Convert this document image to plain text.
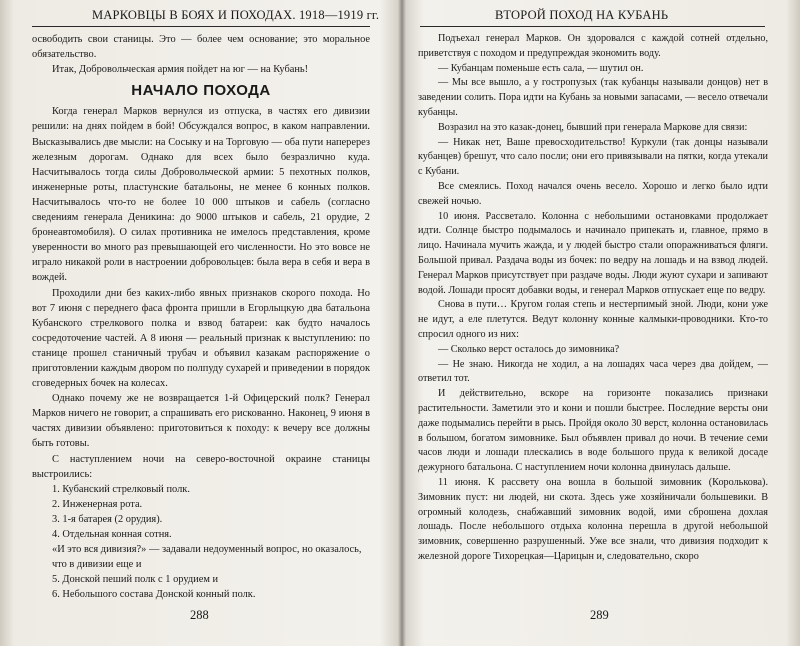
МАРКОВЦЫ В БОЯХ И ПОХОДАХ. 1918—1919 гг.

освободить свои станицы. Это — более чем основание; это моральное обязательство.

Итак, Добровольческая армия пойдет на юг — на Кубань!

НАЧАЛО ПОХОДА

Когда генерал Марков вернулся из отпуска, в частях его дивизии решили: на днях пойдем в бой! Обсуждался вопрос, в каком направлении. Высказывались две мысли: на Сосыку и на Торговую — оба пути наперерез железным дорогам. Однако для всех было безразлично куда. Насчитывалось тогда силы Добровольческой армии: 5 пехотных полков, инженерные роты, пластунские батальоны, не менее 6 конных полков. Насчитывалось что-то не более 10 000 штыков и сабель (согласно сведениям генерала Деникина: до 9000 штыков и сабель, 21 орудие, 2 бронеавтомобиля). О силах противника не имелось представления, кроме уверенности во много раз превышающей его численности. Но это вовсе не играло никакой роли в настроении добровольцев: была вера в себя и вера в вождей.

Проходили дни без каких-либо явных признаков скорого похода. Но вот 7 июня с переднего фаса фронта пришли в Егорлыцкую два батальона Кубанского стрелкового полка и взвод батареи: как будто началось сосредоточение частей. А 8 июня — реальный признак к выступлению: по станице прошел станичный трубач и объявил казакам распоряжение о приготовлении каждым двором по полпуду сухарей и приведении в порядок сговедерных бочек на колесах.

Однако почему же не возвращается 1-й Офицерский полк? Генерал Марков ничего не говорит, а спрашивать его рискованно. Наконец, 9 июня в частях дивизии объявлено: приготовиться к походу: к вечеру все должны быть готовы.

С наступлением ночи на северо-восточной окраине станицы выстроились:

1. Кубанский стрелковый полк.

2. Инженерная рота.

3. 1-я батарея (2 орудия).

4. Отдельная конная сотня.

«И это вся дивизия?» — задавали недоуменный вопрос, но оказалось, что в дивизии еще и

5. Донской пеший полк с 1 орудием и

6. Небольшого состава Донской конный полк.

288
ВТОРОЙ ПОХОД НА КУБАНЬ

Подъехал генерал Марков. Он здоровался с каждой сотней отдельно, приветствуя с походом и предупреждая экономить воду.

— Кубанцам поменьше есть сала, — шутил он.

— Мы все вышло, а у гостропузых (так кубанцы называли донцов) нет в заведении солить. Пора идти на Кубань за новыми запасами, — весело отвечали кубанцы.

Возразил на это казак-донец, бывший при генерала Маркове для связи:

— Никак нет, Ваше превосходительство! Куркули (так донцы называли кубанцев) брешут, что сало посли; они его привязывали на пятки, когда утекали с Кубани.

Все смеялись. Поход начался очень весело. Хорошо и легко было идти свежей ночью.

10 июня. Рассветало. Колонна с небольшими остановками продолжает идти. Солнце быстро подымалось и начинало припекать и, главное, прямо в лицо. Начинала мучить жажда, и у людей быстро стали опоражниваться фляги. Большой привал. Раздача воды из бочек: по ведру на лошадь и на взвод людей. Генерал Марков присутствует при раздаче воды. Люди жуют сухари и запивают водой. Лошади просят добавки воды, и генерал Марков отпускает еще по ведру.

Снова в пути… Кругом голая степь и нестерпимый зной. Люди, кони уже не идут, а еле плетутся. Ведут колонну конные калмыки-проводники. Кто-то спросил одного из них:

— Сколько верст осталось до зимовника?

— Не знаю. Никогда не ходил, а на лошадях часа через два дойдем, — ответил тот.

И действительно, вскоре на горизонте показались признаки растительности. Заметили это и кони и пошли быстрее. Последние версты они даже подымались перейти в рысь. Пройдя около 30 верст, колонна остановилась в большом, богатом зимовнике. Был объявлен привал до ночи. В течение семи часов люди и лошади плескались в воде большого пруда к великой досаде дежурного батальона. С наступлением ночи колонна двинулась дальше.

11 июня. К рассвету она вошла в большой зимовник (Королькова). Зимовник пуст: ни людей, ни скота. Здесь уже хозяйничали большевики. В огромный колодезь, снабжавший зимовник водой, ими сброшена дохлая лошадь. После небольшого отдыха колонна перешла в другой небольшой зимовник, совершенно разрушенный. Уже все знали, что дивизия подходит к железной дороге Тихорецкая—Царицын и, следовательно, скоро

289
